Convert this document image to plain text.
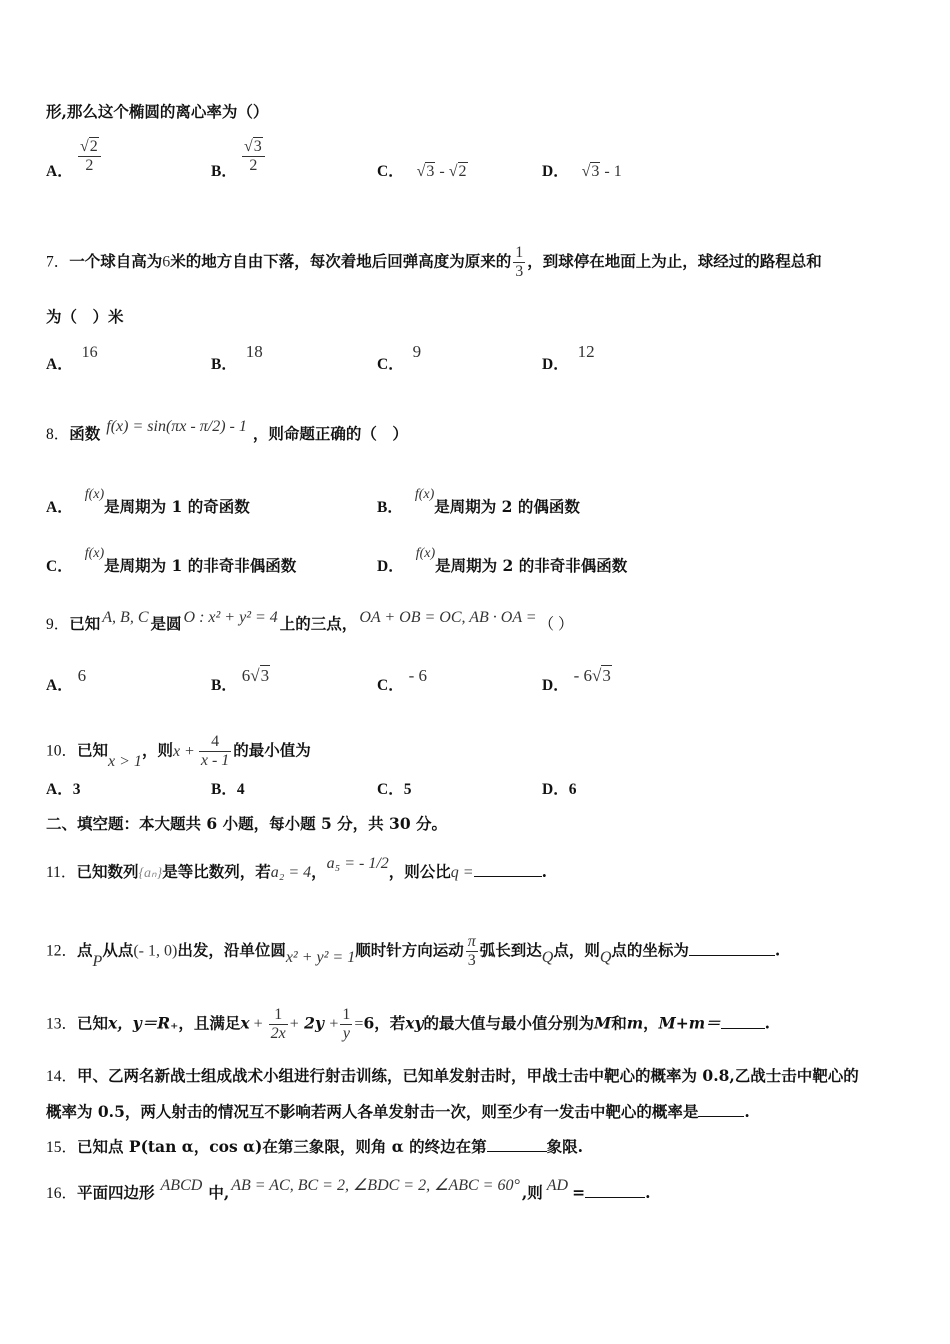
形,那么这个椭圆的离心率为（）
A． $\frac{√2}{2}$	B． $\frac{√3}{2}$	C． √3 - √2	D． √3 - 1
7．一个球自高为6米的地方自由下落，每次着地后回弹高度为原来的 $\frac{1}{3}$ ，到球停在地面上为止，球经过的路程总和
为（　）米
A． 16
B． 18
C． 9
D． 12
8．函数 f(x) = sin(πx - π/2) - 1 ，则命题正确的（　）
A．f(x)是周期为 1 的奇函数	B．f(x)是周期为 2 的偶函数
C．f(x)是周期为 1 的非奇非偶函数	D．f(x)是周期为 2 的非奇非偶函数
9．已知 A, B, C 是圆 O : x² + y² = 4 上的三点， OA + OB = OC, AB · OA = （ ）
A． 6
B． 6√3
C． - 6
D． - 6√3
10．已知x > 1，则$x + \frac{4}{x - 1}$ 的最小值为
A．3	B．4	C．5	D．6
二、填空题：本大题共 6 小题，每小题 5 分，共 30 分。
11．已知数列{aₙ}是等比数列，若a₂ = 4，a₅ = - 1/2，则公比q =	.
12．点P从点(- 1, 0)出发，沿单位圆x² + y² = 1顺时针方向运动 $\frac{\pi}{3}$ 弧长到达Q点，则Q点的坐标为	.
13．已知x，y＝R₊，且满足$x + \frac{1}{2x} + 2y + \frac{1}{y} =6$，若xy的最大值与最小值分别为M和m，M+m＝	.
14．甲、乙两名新战士组成战术小组进行射击训练，已知单发射击时，甲战士击中靶心的概率为 0.8,乙战士击中靶心的
概率为 0.5，两人射击的情况互不影响若两人各单发射击一次，则至少有一发击中靶心的概率是	.
15．已知点 P(tan α，cos α)在第三象限，则角 α 的终边在第	象限.
16．平面四边形 ABCD 中, AB = AC, BC = 2, ∠BDC = 2, ∠ABC = 60° ,则 AD =	.
